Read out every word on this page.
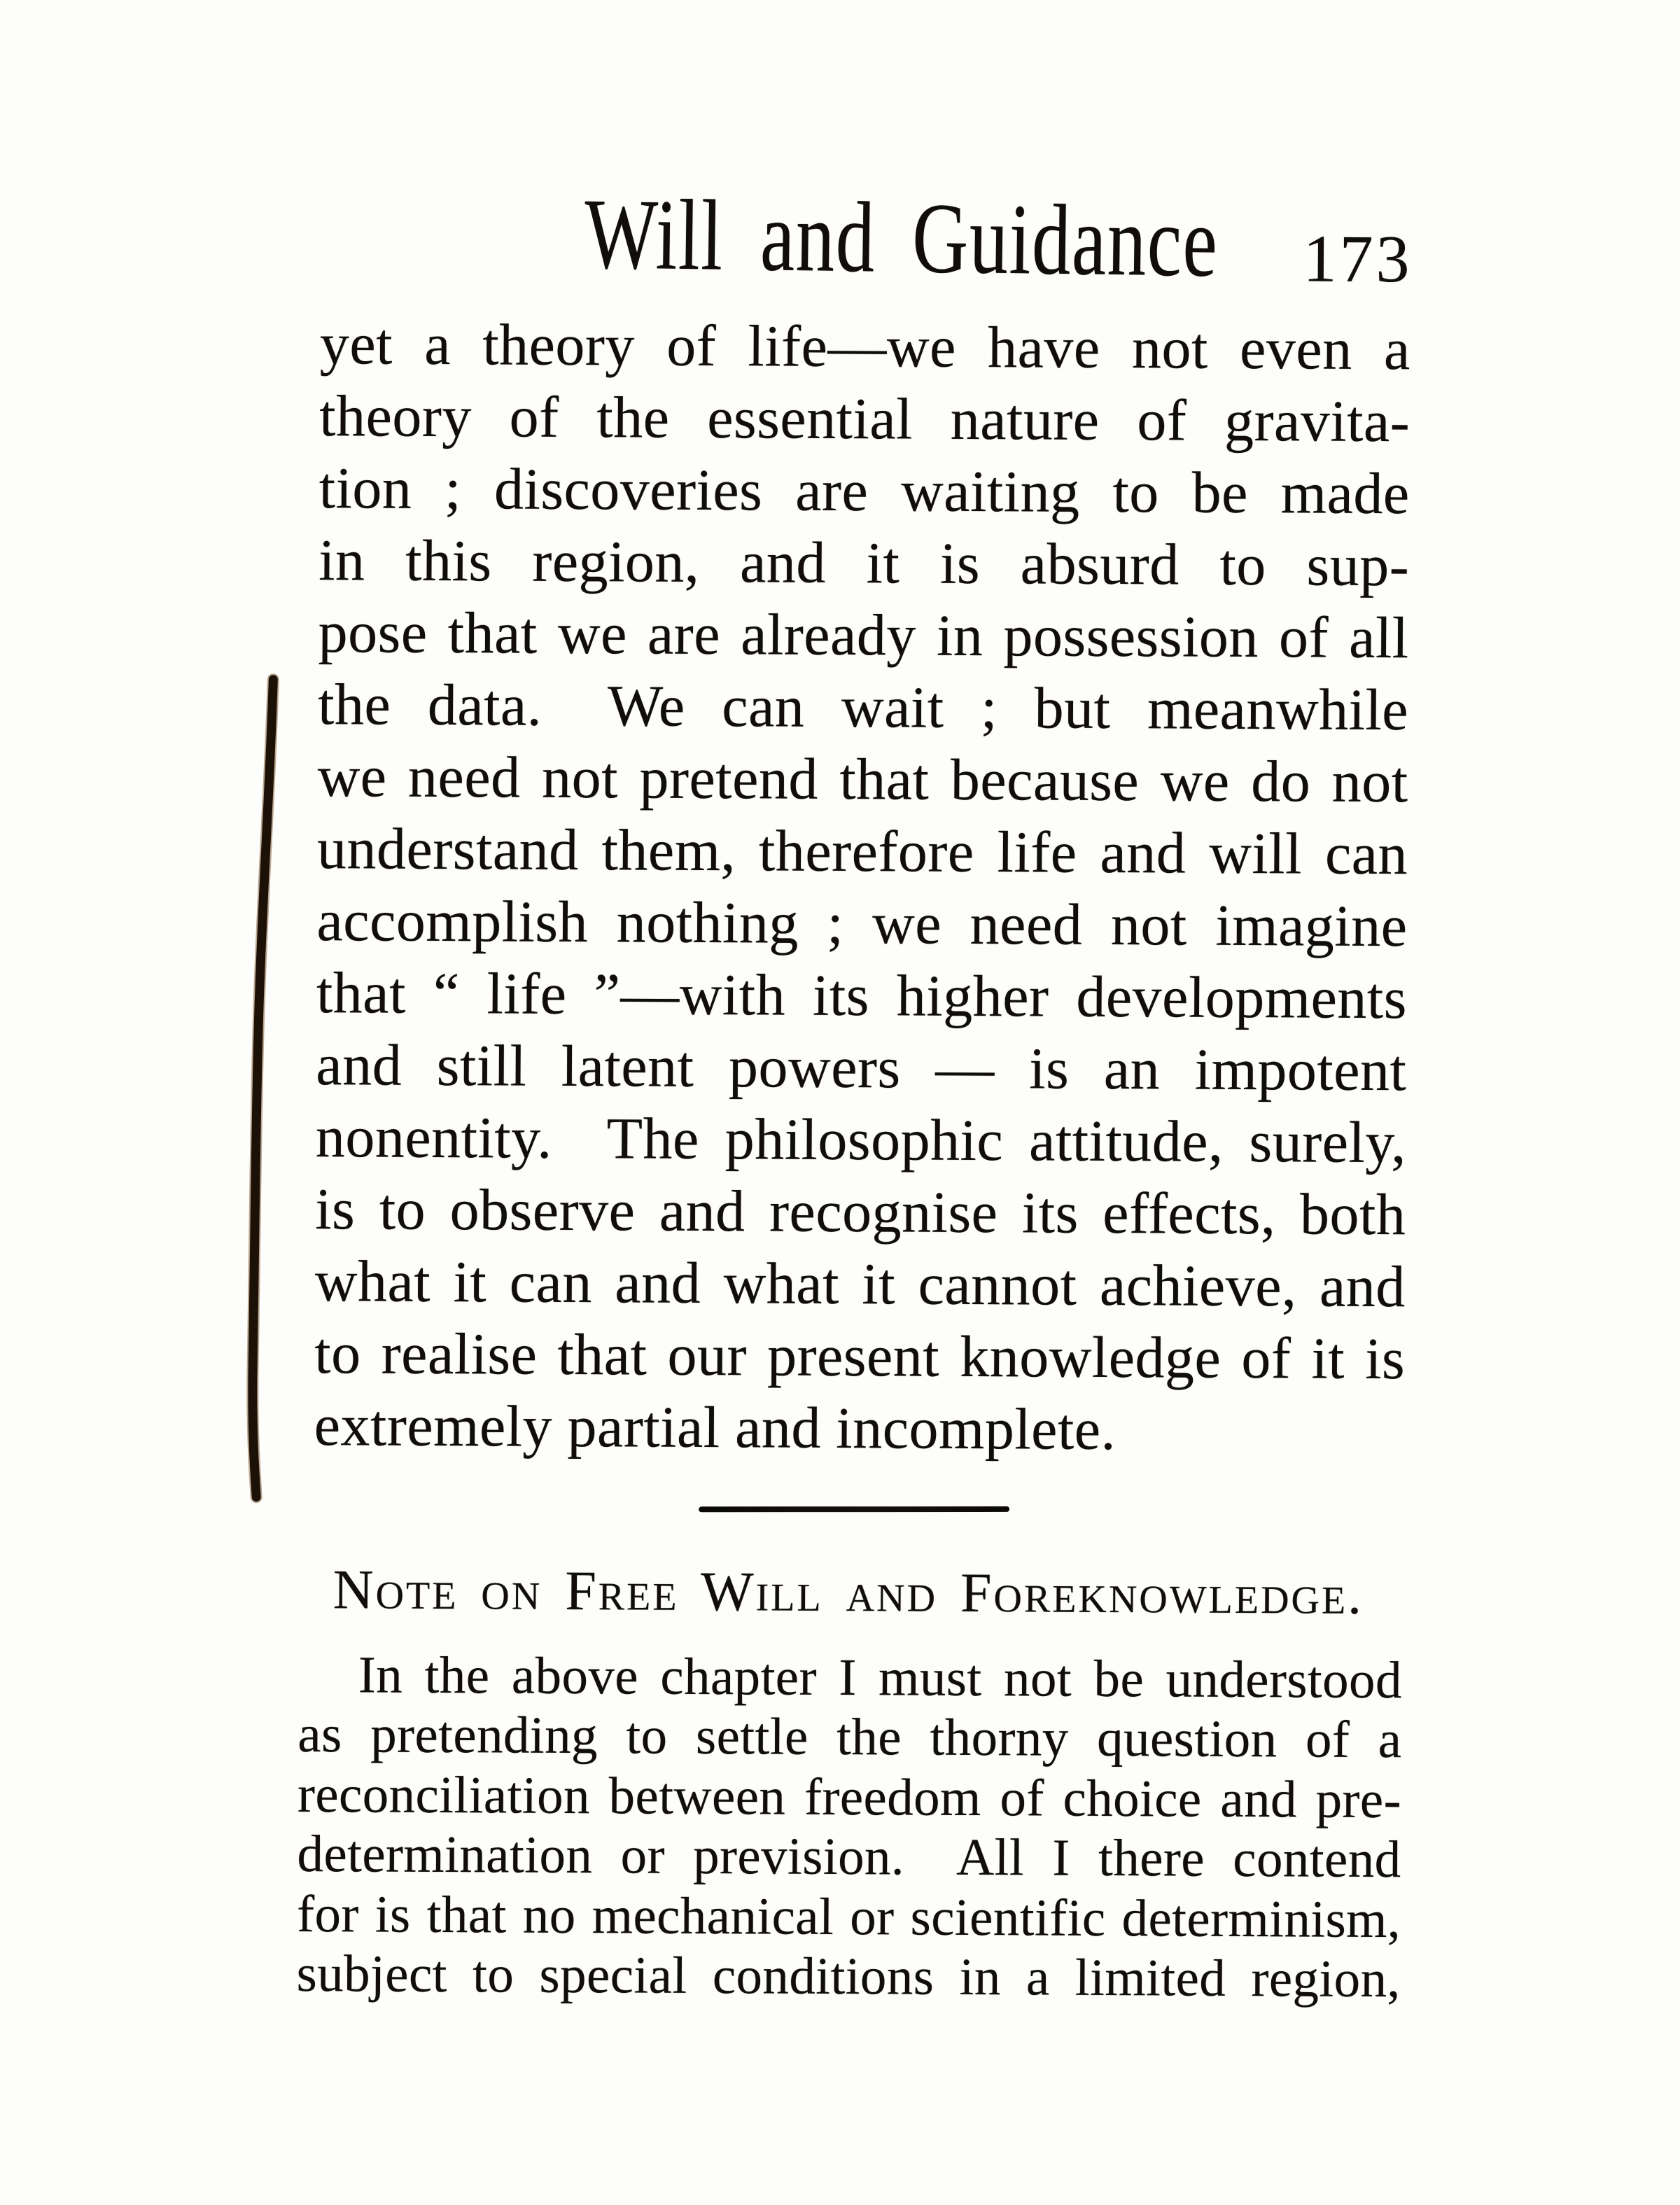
Will and Guidance 173
yet a theory of life—we have not even a
theory of the essential nature of gravita-
tion ; discoveries are waiting to be made
in this region, and it is absurd to sup-
pose that we are already in possession of all
the data.  We can wait ; but meanwhile
we need not pretend that because we do not
understand them, therefore life and will can
accomplish nothing ; we need not imagine
that “ life ”—with its higher developments
and still latent powers — is an impotent
nonentity.  The philosophic attitude, surely,
is to observe and recognise its effects, both
what it can and what it cannot achieve, and
to realise that our present knowledge of it is
extremely partial and incomplete.
Note on Free Will and Foreknowledge.
In the above chapter I must not be understood
as pretending to settle the thorny question of a
reconciliation between freedom of choice and pre-
determination or prevision.  All I there contend
for is that no mechanical or scientific determinism,
subject to special conditions in a limited region,
